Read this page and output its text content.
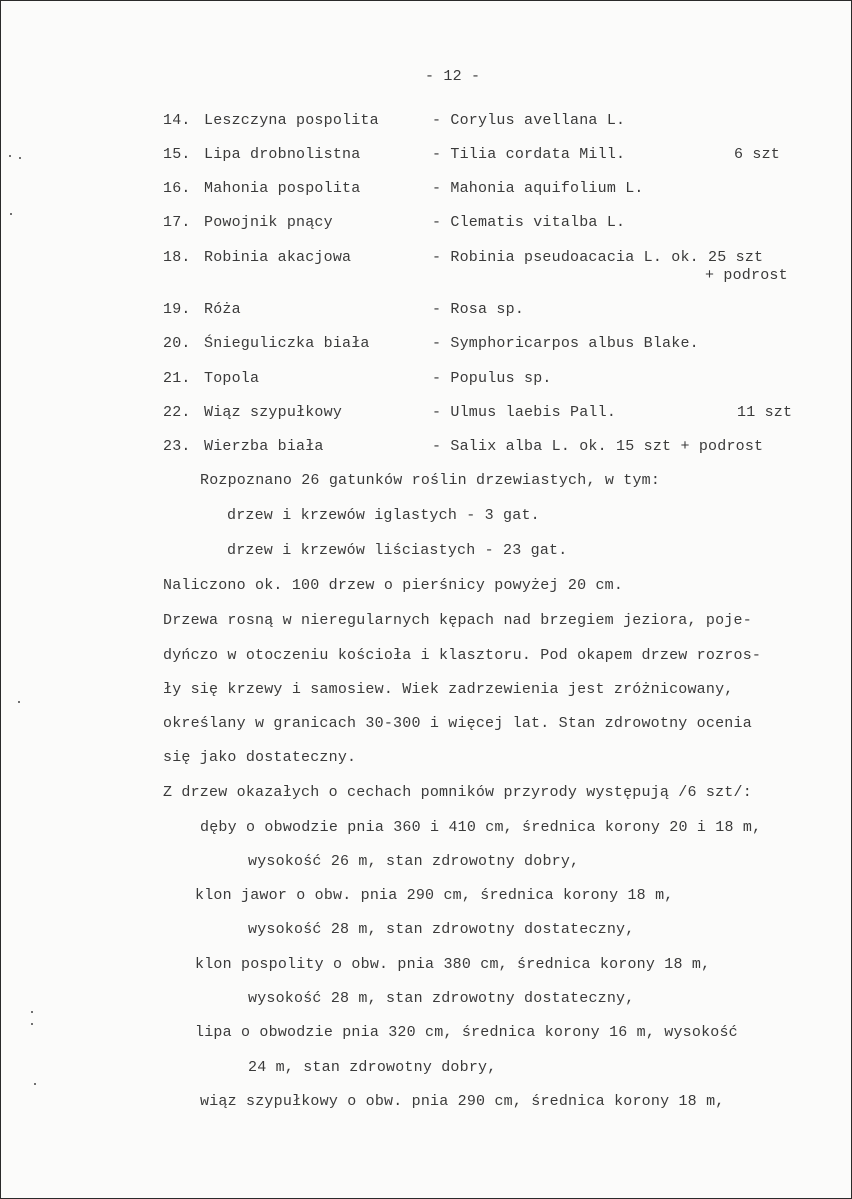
- 12 -
14. Leszczyna pospolita	- Corylus avellana L.
15. Lipa drobnolistna	- Tilia cordata Mill.	6 szt
16. Mahonia pospolita	- Mahonia aquifolium L.
17. Powojnik pnący	- Clematis vitalba L.
18. Robinia akacjowa	- Robinia pseudoacacia L. ok. 25 szt
+ podrost
19. Róża	- Rosa sp.
20. Śnieguliczka biała	- Symphoricarpos albus Blake.
21. Topola	- Populus sp.
22. Wiąz szypułkowy	- Ulmus laebis Pall.	11 szt
23. Wierzba biała	- Salix alba L. ok. 15 szt + podrost
Rozpoznano 26 gatunków roślin drzewiastych, w tym:
drzew i krzewów iglastych - 3 gat.
drzew i krzewów liściastych - 23 gat.
Naliczono ok. 100 drzew o pierśnicy powyżej 20 cm.
Drzewa rosną w nieregularnych kępach nad brzegiem jeziora, poje-
dyńczo w otoczeniu kościoła i klasztoru. Pod okapem drzew rozros-
ły się krzewy i samosiew. Wiek zadrzewienia jest zróżnicowany,
określany w granicach 30-300 i więcej lat. Stan zdrowotny ocenia
się jako dostateczny.
Z drzew okazałych o cechach pomników przyrody występują /6 szt/:
dęby o obwodzie pnia 360 i 410 cm, średnica korony 20 i 18 m,
wysokość 26 m, stan zdrowotny dobry,
klon jawor o obw. pnia 290 cm, średnica korony 18 m,
wysokość 28 m, stan zdrowotny dostateczny,
klon pospolity o obw. pnia 380 cm, średnica korony 18 m,
wysokość 28 m, stan zdrowotny dostateczny,
lipa o obwodzie pnia 320 cm, średnica korony 16 m, wysokość
24 m, stan zdrowotny dobry,
wiąz szypułkowy o obw. pnia 290 cm, średnica korony 18 m,
